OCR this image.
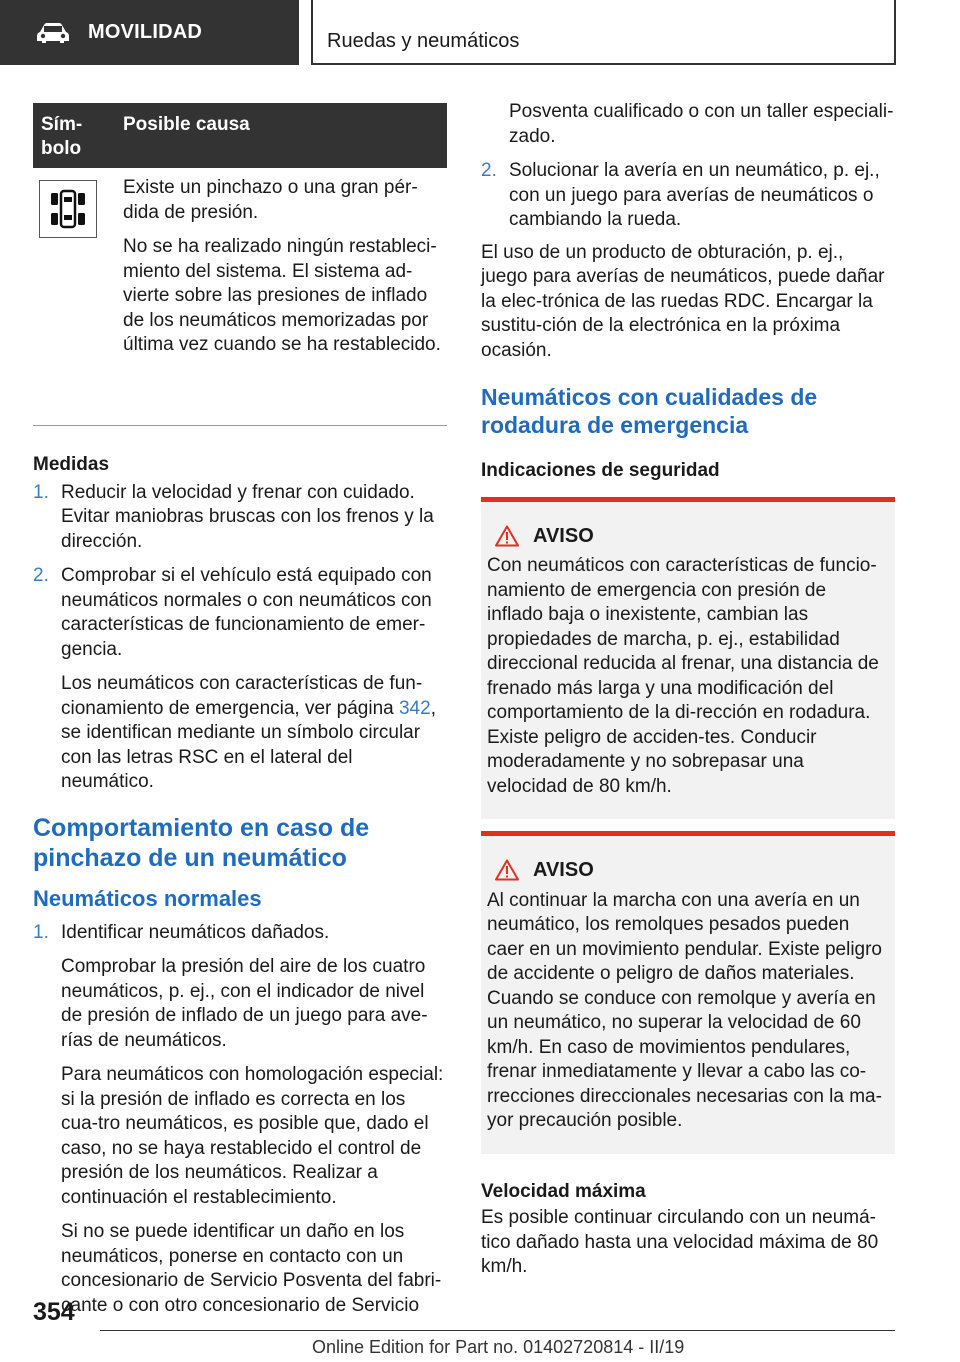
MOVILIDAD	Ruedas y neumáticos
Sím-bolo
Posible causa

Existe un pinchazo o una gran pér-dida de presión.

No se ha realizado ningún restableci-miento del sistema. El sistema ad-vierte sobre las presiones de inflado de los neumáticos memorizadas por última vez cuando se ha restablecido.

Medidas
1. Reducir la velocidad y frenar con cuidado. Evitar maniobras bruscas con los frenos y la dirección.

2. Comprobar si el vehículo está equipado con neumáticos normales o con neumáticos con características de funcionamiento de emer-gencia.

Los neumáticos con características de fun-cionamiento de emergencia, ver página 342, se identifican mediante un símbolo circular con las letras RSC en el lateral del neumático.

Comportamiento en caso de pinchazo de un neumático
Neumáticos normales
1. Identificar neumáticos dañados.

Comprobar la presión del aire de los cuatro neumáticos, p. ej., con el indicador de nivel de presión de inflado de un juego para ave-rías de neumáticos.

Para neumáticos con homologación especial: si la presión de inflado es correcta en los cua-tro neumáticos, es posible que, dado el caso, no se haya restablecido el control de presión de los neumáticos. Realizar a continuación el restablecimiento.

Si no se puede identificar un daño en los neumáticos, ponerse en contacto con un concesionario de Servicio Posventa del fabri-cante o con otro concesionario de Servicio

Posventa cualificado o con un taller especiali-zado.

2. Solucionar la avería en un neumático, p. ej., con un juego para averías de neumáticos o cambiando la rueda.

El uso de un producto de obturación, p. ej., juego para averías de neumáticos, puede dañar la elec-trónica de las ruedas RDC. Encargar la sustitu-ción de la electrónica en la próxima ocasión.

Neumáticos con cualidades de rodadura de emergencia
Indicaciones de seguridad
AVISO

Con neumáticos con características de funcio-namiento de emergencia con presión de inflado baja o inexistente, cambian las propiedades de marcha, p. ej., estabilidad direccional reducida al frenar, una distancia de frenado más larga y una modificación del comportamiento de la di-rección en rodadura. Existe peligro de acciden-tes. Conducir moderadamente y no sobrepasar una velocidad de 80 km/h.

AVISO

Al continuar la marcha con una avería en un neumático, los remolques pesados pueden caer en un movimiento pendular. Existe peligro de accidente o peligro de daños materiales. Cuando se conduce con remolque y avería en un neumático, no superar la velocidad de 60 km/h. En caso de movimientos pendulares, frenar inmediatamente y llevar a cabo las co-rrecciones direccionales necesarias con la ma-yor precaución posible.

Velocidad máxima

Es posible continuar circulando con un neumá-tico dañado hasta una velocidad máxima de 80 km/h.

354
Online Edition for Part no. 01402720814 - II/19
